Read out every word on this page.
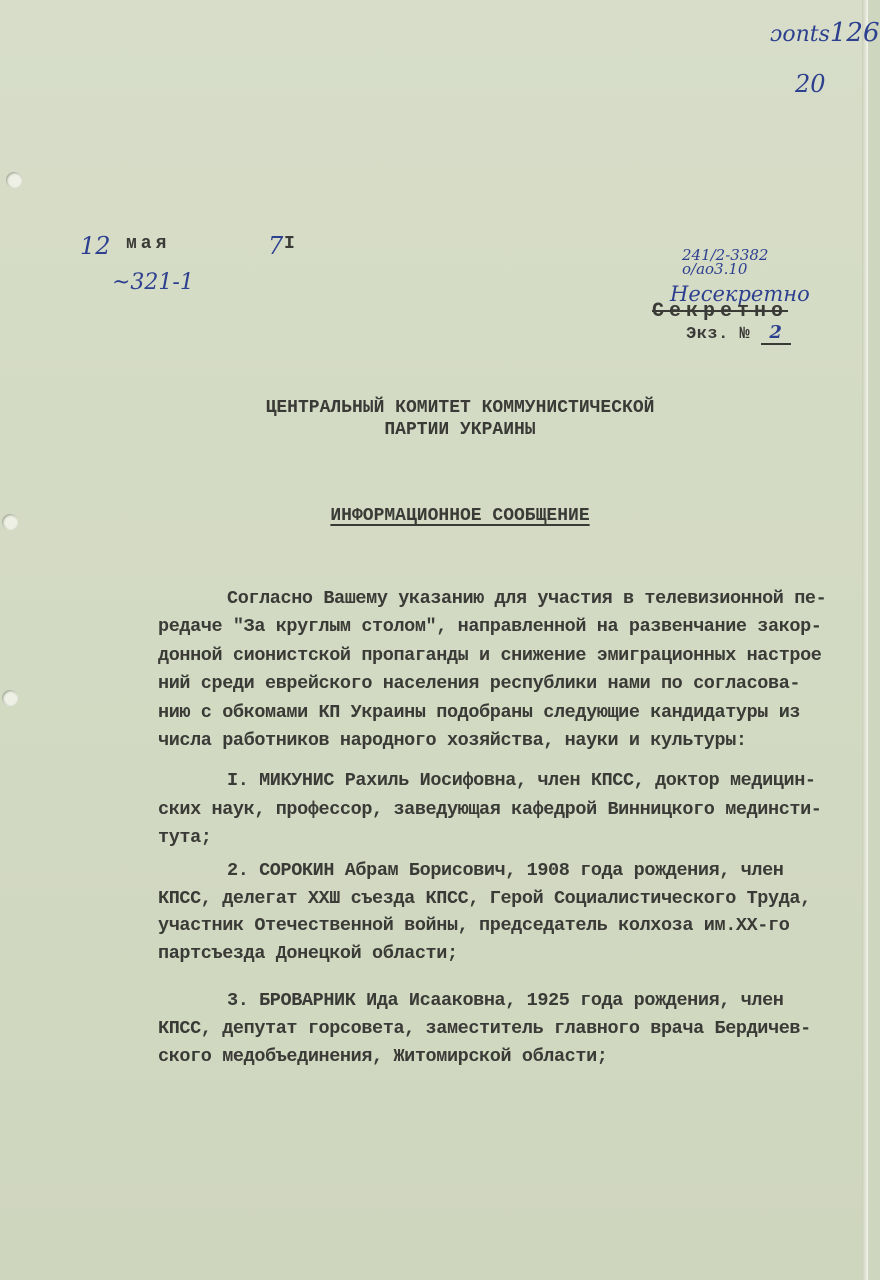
ɔonts126
20
12 мая	7 I
~321-1
241/2-3382
o/ao3.10
Несекретно
Секретно
Экз. № 2
ЦЕНТРАЛЬНЫЙ КОМИТЕТ КОММУНИСТИЧЕСКОЙ
ПАРТИИ УКРАИНЫ
ИНФОРМАЦИОННОЕ СООБЩЕНИЕ
Согласно Вашему указанию для участия в телевизионной пе-
редаче "За круглым столом", направленной на развенчание закор-
донной сионистской пропаганды и снижение эмиграционных настрое
ний среди еврейского населения республики нами по согласова-
нию с обкомами КП Украины подобраны следующие кандидатуры из
числа работников народного хозяйства, науки и культуры:
I. МИКУНИС Рахиль Иосифовна, член КПСС, доктор медицин-
ских наук, профессор, заведующая кафедрой Винницкого мединсти-
тута;
2. СОРОКИН Абрам Борисович, 1908 года рождения, член
КПСС, делегат XXШ съезда КПСС, Герой Социалистического Труда,
участник Отечественной войны, председатель колхоза им.XX-го
партсъезда Донецкой области;
3. БРОВАРНИК Ида Исааковна, 1925 года рождения, член
КПСС, депутат горсовета, заместитель главного врача Бердичев-
ского медобъединения, Житомирской области;
